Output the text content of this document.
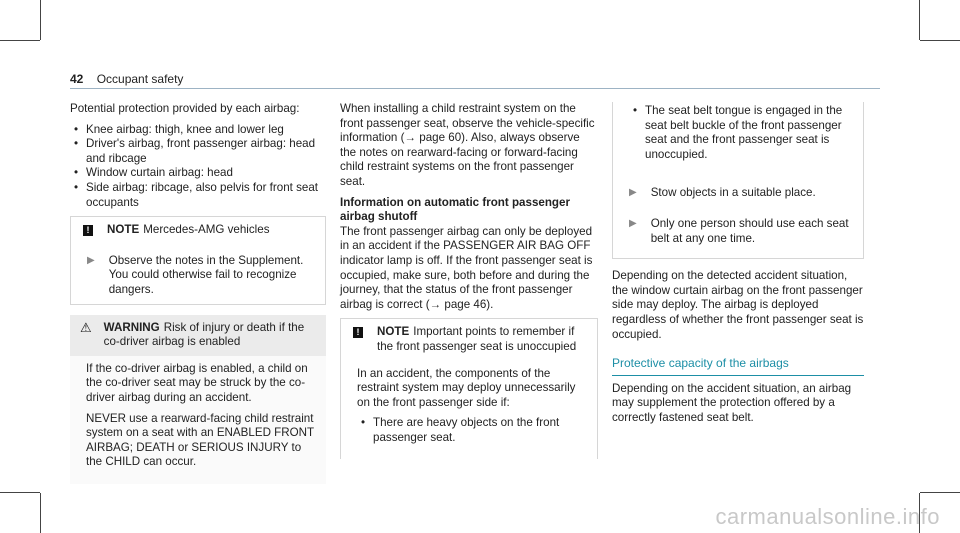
42 Occupant safety

Potential protection provided by each airbag:

• Knee airbag: thigh, knee and lower leg
• Driver's airbag, front passenger airbag: head and ribcage
• Window curtain airbag: head
• Side airbag: ribcage, also pelvis for front seat occupants
!	NOTE Mercedes-AMG vehicles
▶ Observe the notes in the Supplement. You could otherwise fail to recognize dangers.
⚠ WARNING Risk of injury or death if the co-driver airbag is enabled

If the co-driver airbag is enabled, a child on the co-driver seat may be struck by the co-driver airbag during an accident.

NEVER use a rearward-facing child restraint system on a seat with an ENABLED FRONT AIRBAG; DEATH or SERIOUS INJURY to the CHILD can occur.

When installing a child restraint system on the front passenger seat, observe the vehicle-specific information (→ page 60). Also, always observe the notes on rearward-facing or forward-facing child restraint systems on the front passenger seat.

Information on automatic front passenger airbag shutoff

The front passenger airbag can only be deployed in an accident if the PASSENGER AIR BAG OFF indicator lamp is off. If the front passenger seat is occupied, make sure, both before and during the journey, that the status of the front passenger airbag is correct (→ page 46).

!	NOTE Important points to remember if the front passenger seat is unoccupied

In an accident, the components of the restraint system may deploy unnecessarily on the front passenger side if:

• There are heavy objects on the front passenger seat.
• The seat belt tongue is engaged in the seat belt buckle of the front passenger seat and the front passenger seat is unoccupied.
▶ Stow objects in a suitable place.
▶ Only one person should use each seat belt at any one time.

Depending on the detected accident situation, the window curtain airbag on the front passenger side may deploy. The airbag is deployed regardless of whether the front passenger seat is occupied.

Protective capacity of the airbags

Depending on the accident situation, an airbag may supplement the protection offered by a correctly fastened seat belt.

carmanualsonline.info
